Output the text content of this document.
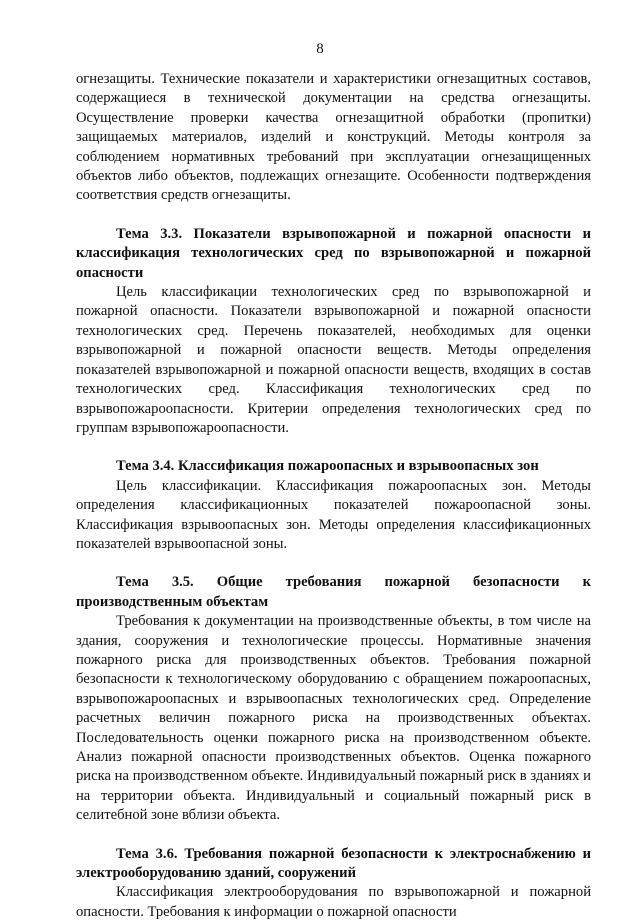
8

огнезащиты. Технические показатели и характеристики огнезащитных составов, содержащиеся в технической документации на средства огнезащиты. Осуществление проверки качества огнезащитной обработки (пропитки) защищаемых материалов, изделий и конструкций. Методы контроля за соблюдением нормативных требований при эксплуатации огнезащищенных объектов либо объектов, подлежащих огнезащите. Особенности подтверждения соответствия средств огнезащиты.

Тема 3.3. Показатели взрывопожарной и пожарной опасности и классификация технологических сред по взрывопожарной и пожарной опасности

Цель классификации технологических сред по взрывопожарной и пожарной опасности. Показатели взрывопожарной и пожарной опасности технологических сред. Перечень показателей, необходимых для оценки взрывопожарной и пожарной опасности веществ. Методы определения показателей взрывопожарной и пожарной опасности веществ, входящих в состав технологических сред. Классификация технологических сред по взрывопожароопасности. Критерии определения технологических сред по группам взрывопожароопасности.

Тема 3.4. Классификация пожароопасных и взрывоопасных зон

Цель классификации. Классификация пожароопасных зон. Методы определения классификационных показателей пожароопасной зоны. Классификация взрывоопасных зон. Методы определения классификационных показателей взрывоопасной зоны.

Тема 3.5. Общие требования пожарной безопасности к производственным объектам

Требования к документации на производственные объекты, в том числе на здания, сооружения и технологические процессы. Нормативные значения пожарного риска для производственных объектов. Требования пожарной безопасности к технологическому оборудованию с обращением пожароопасных, взрывопожароопасных и взрывоопасных технологических сред. Определение расчетных величин пожарного риска на производственных объектах. Последовательность оценки пожарного риска на производственном объекте. Анализ пожарной опасности производственных объектов. Оценка пожарного риска на производственном объекте. Индивидуальный пожарный риск в зданиях и на территории объекта. Индивидуальный и социальный пожарный риск в селитебной зоне вблизи объекта.

Тема 3.6. Требования пожарной безопасности к электроснабжению и электрооборудованию зданий, сооружений

Классификация электрооборудования по взрывопожарной и пожарной опасности. Требования к информации о пожарной опасности
